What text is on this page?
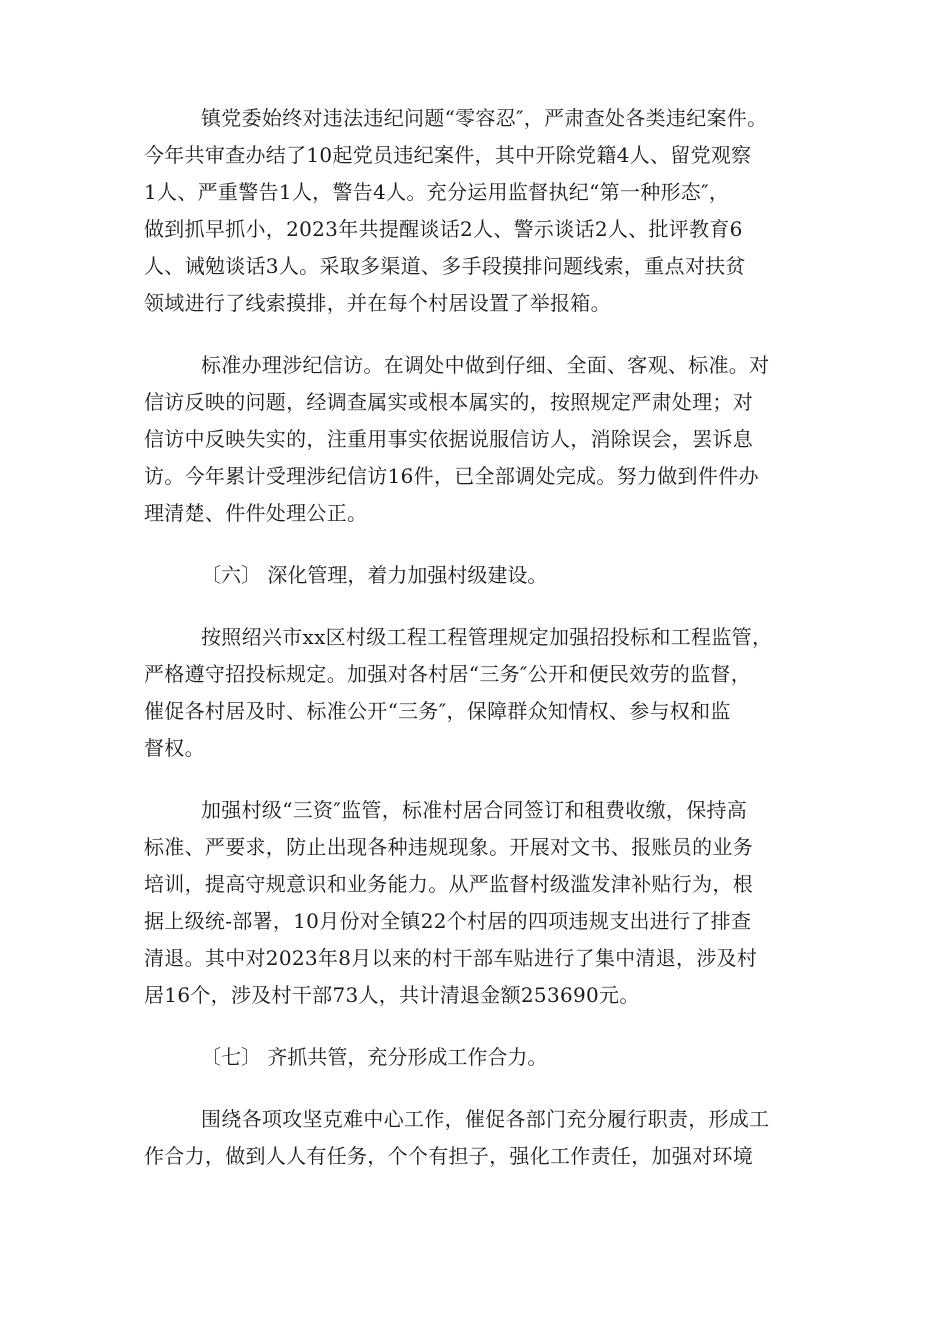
镇党委始终对违法违纪问题“零容忍″，严肃查处各类违纪案件。
今年共审查办结了10起党员违纪案件，其中开除党籍4人、留党观察
1人、严重警告1人，警告4人。充分运用监督执纪“第一种形态″，
做到抓早抓小，2023年共提醒谈话2人、警示谈话2人、批评教育6
人、诫勉谈话3人。采取多渠道、多手段摸排问题线索，重点对扶贫
领域进行了线索摸排，并在每个村居设置了举报箱。
标准办理涉纪信访。在调处中做到仔细、全面、客观、标准。对
信访反映的问题，经调查属实或根本属实的，按照规定严肃处理；对
信访中反映失实的，注重用事实依据说服信访人，消除误会，罢诉息
访。今年累计受理涉纪信访16件，已全部调处完成。努力做到件件办
理清楚、件件处理公正。
〔六〕 深化管理，着力加强村级建设。
按照绍兴市xx区村级工程工程管理规定加强招投标和工程监管，
严格遵守招投标规定。加强对各村居“三务″公开和便民效劳的监督，
催促各村居及时、标准公开“三务″，保障群众知情权、参与权和监
督权。
加强村级“三资″监管，标准村居合同签订和租费收缴，保持高
标准、严要求，防止出现各种违规现象。开展对文书、报账员的业务
培训，提高守规意识和业务能力。从严监督村级滥发津补贴行为，根
据上级统-部署，10月份对全镇22个村居的四项违规支出进行了排查
清退。其中对2023年8月以来的村干部车贴进行了集中清退，涉及村
居16个，涉及村干部73人，共计清退金额253690元。
〔七〕 齐抓共管，充分形成工作合力。
围绕各项攻坚克难中心工作，催促各部门充分履行职责，形成工
作合力，做到人人有任务，个个有担子，强化工作责任，加强对环境
